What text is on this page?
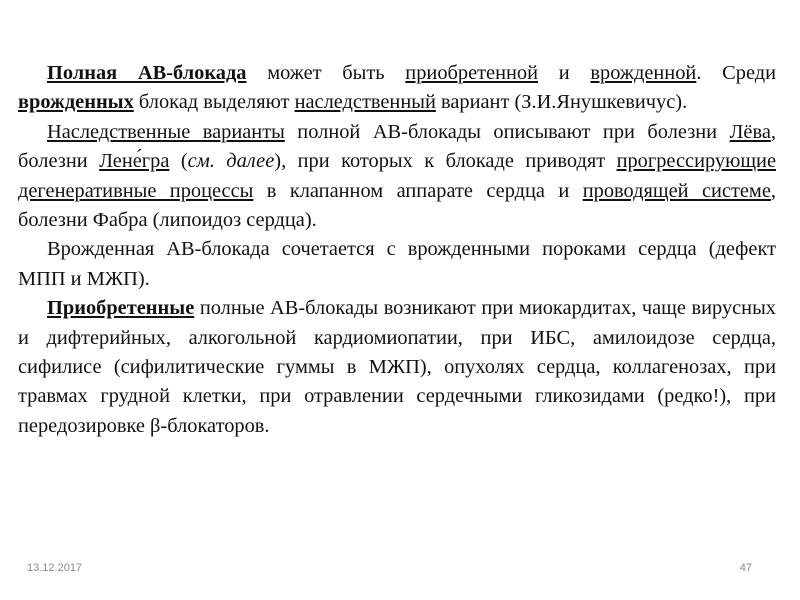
Полная АВ-блокада может быть приобретенной и врожденной. Среди врожденных блокад выделяют наследственный вариант (З.И.Янушкевичус).

Наследственные варианты полной АВ-блокады описывают при болезни Лёва, болезни Лене́гра (см. далее), при которых к блокаде приводят прогрессирующие дегенеративные процессы в клапанном аппарате сердца и проводящей системе, болезни Фабра (липоидоз сердца).

Врожденная АВ-блокада сочетается с врожденными пороками сердца (дефект МПП и МЖП).

Приобретенные полные АВ-блокады возникают при миокардитах, чаще вирусных и дифтерийных, алкогольной кардиомиопатии, при ИБС, амилоидозе сердца, сифилисе (сифилитические гуммы в МЖП), опухолях сердца, коллагенозах, при травмах грудной клетки, при отравлении сердечными гликозидами (редко!), при передозировке β-блокаторов.

13.12.2017	47
